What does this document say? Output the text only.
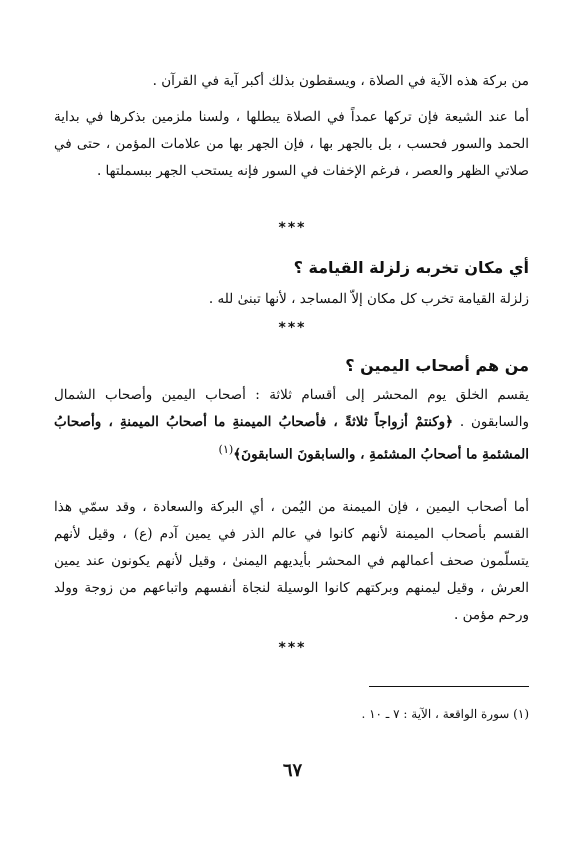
من بركة هذه الآية في الصلاة ، ويسقطون بذلك أكبر آية في القرآن .

أما عند الشيعة فإن تركها عمداً في الصلاة يبطلها ، ولسنا ملزمين بذكرها في بداية الحمد والسور فحسب ، بل بالجهر بها ، فإن الجهر بها من علامات المؤمن ، حتى في صلاتي الظهر والعصر ، فرغم الإخفات في السور فإنه يستحب الجهر ببسملتها .

***

أي مكان تخربه زلزلة القيامة ؟

زلزلة القيامة تخرب كل مكان إلاّ المساجد ، لأنها تبنىٰ لله .

***

من هم أصحاب اليمين ؟

يقسم الخلق يوم المحشر إلى أقسام ثلاثة : أصحاب اليمين وأصحاب الشمال والسابقون . ﴿وكنتمْ أزواجاً ثلاثةً ، فأصحابُ الميمنةِ ما أصحابُ الميمنةِ ، وأصحابُ المشئمةِ ما أصحابُ المشئمةِ ، والسابقونَ السابقونَ﴾$^{(١)}$

أما أصحاب اليمين ، فإن الميمنة من اليُمن ، أي البركة والسعادة ، وقد سمّي هذا القسم بأصحاب الميمنة لأنهم كانوا في عالم الذر في يمين آدم (ع) ، وقيل لأنهم يتسلّمون صحف أعمالهم في المحشر بأيديهم اليمنىٰ ، وقيل لأنهم يكونون عند يمين العرش ، وقيل ليمنهم وبركتهم كانوا الوسيلة لنجاة أنفسهم واتباعهم من زوجة وولد ورحم مؤمن .

***

(١) سورة الواقعة ، الآية : ٧ ـ ١٠ .

٦٧
